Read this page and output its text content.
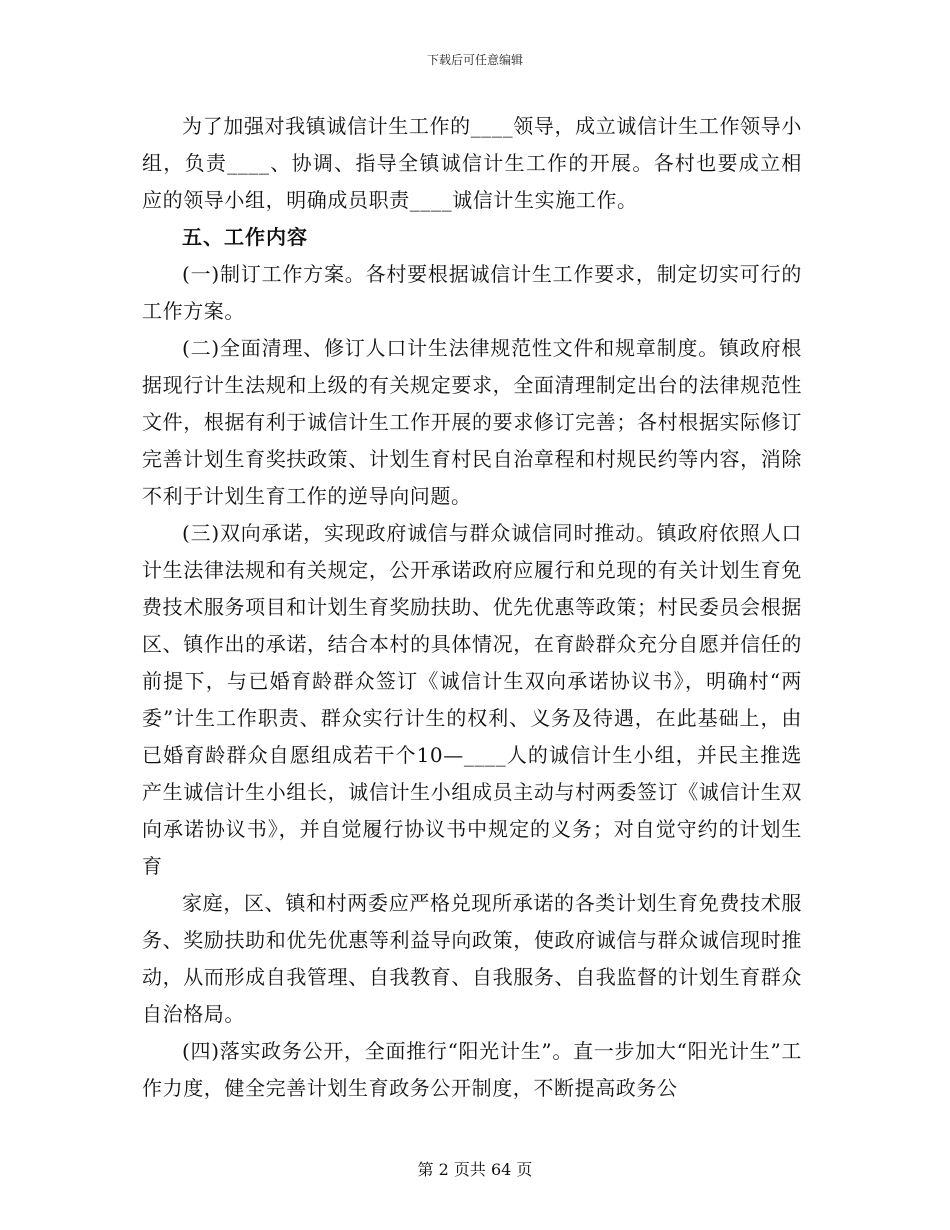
下载后可任意编辑

为了加强对我镇诚信计生工作的____领导，成立诚信计生工作领导小组，负责____、协调、指导全镇诚信计生工作的开展。各村也要成立相应的领导小组，明确成员职责____诚信计生实施工作。

五、工作内容

(一)制订工作方案。各村要根据诚信计生工作要求，制定切实可行的工作方案。

(二)全面清理、修订人口计生法律规范性文件和规章制度。镇政府根据现行计生法规和上级的有关规定要求，全面清理制定出台的法律规范性文件，根据有利于诚信计生工作开展的要求修订完善；各村根据实际修订完善计划生育奖扶政策、计划生育村民自治章程和村规民约等内容，消除不利于计划生育工作的逆导向问题。

(三)双向承诺，实现政府诚信与群众诚信同时推动。镇政府依照人口计生法律法规和有关规定，公开承诺政府应履行和兑现的有关计划生育免费技术服务项目和计划生育奖励扶助、优先优惠等政策；村民委员会根据区、镇作出的承诺，结合本村的具体情况，在育龄群众充分自愿并信任的前提下，与已婚育龄群众签订《诚信计生双向承诺协议书》，明确村“两委”计生工作职责、群众实行计生的权利、义务及待遇，在此基础上，由已婚育龄群众自愿组成若干个10—____人的诚信计生小组，并民主推选产生诚信计生小组长，诚信计生小组成员主动与村两委签订《诚信计生双向承诺协议书》，并自觉履行协议书中规定的义务；对自觉守约的计划生育

家庭，区、镇和村两委应严格兑现所承诺的各类计划生育免费技术服务、奖励扶助和优先优惠等利益导向政策，使政府诚信与群众诚信现时推动，从而形成自我管理、自我教育、自我服务、自我监督的计划生育群众自治格局。

(四)落实政务公开，全面推行“阳光计生”。直一步加大“阳光计生”工作力度，健全完善计划生育政务公开制度，不断提高政务公

第 2 页共 64 页
